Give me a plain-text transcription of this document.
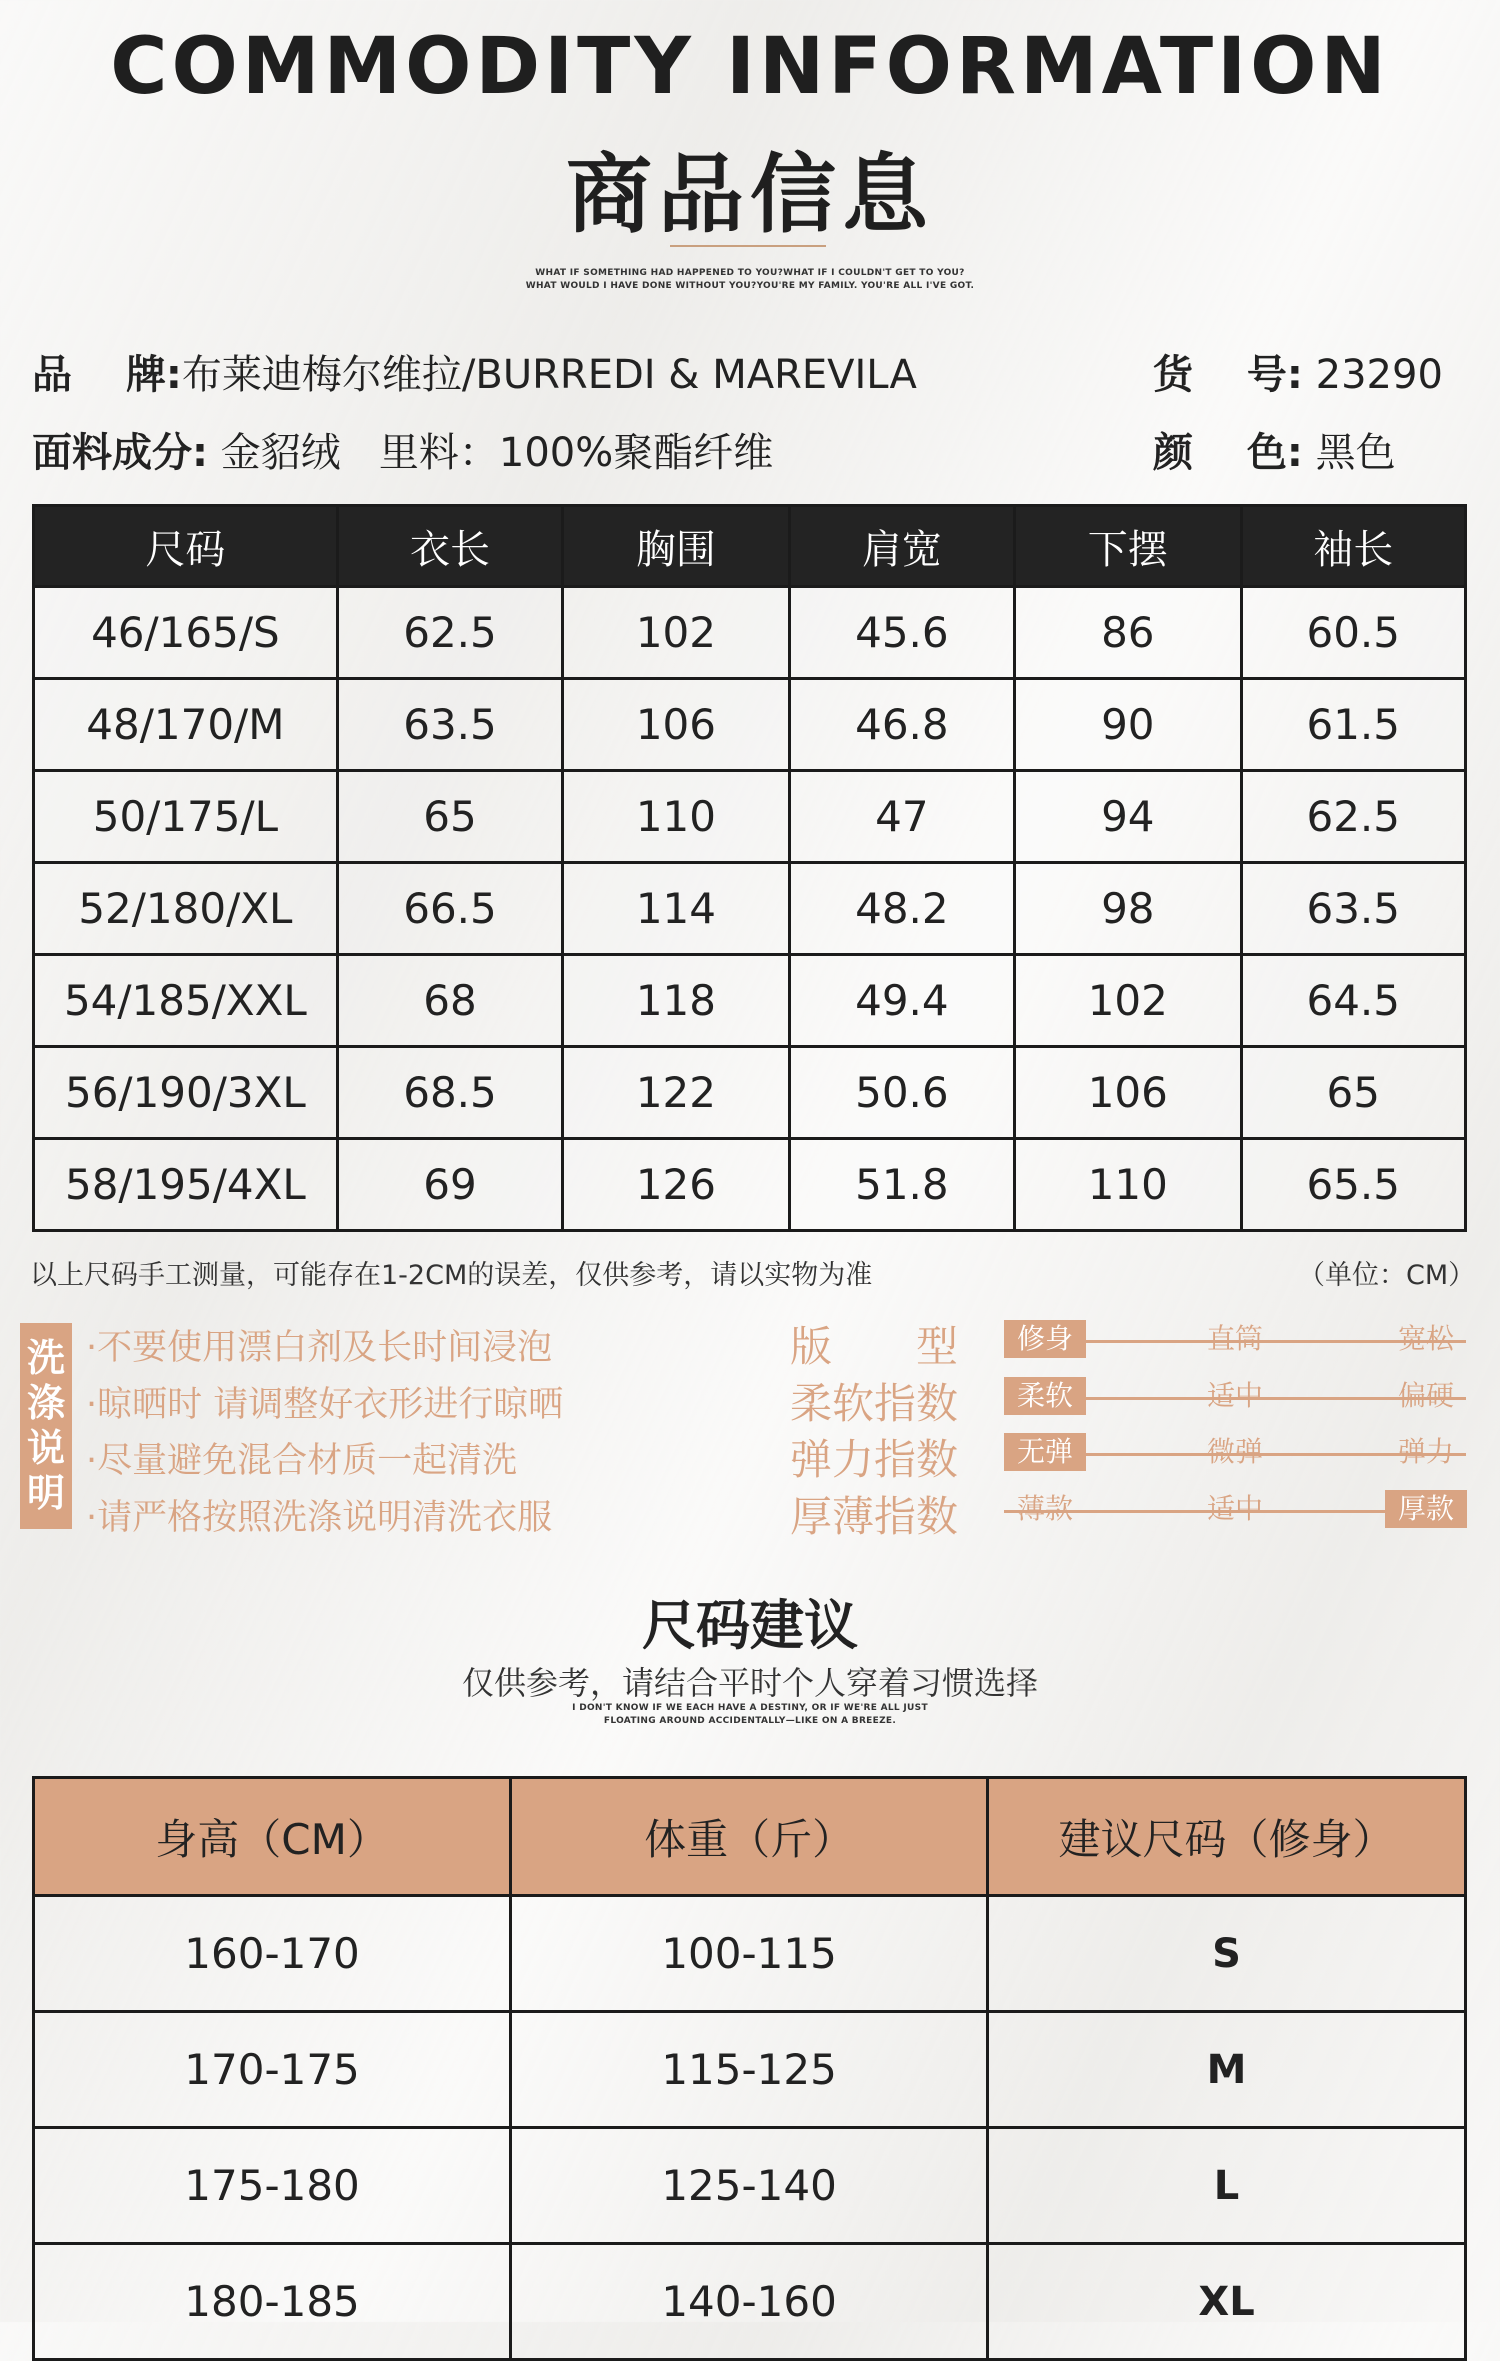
COMMODITY INFORMATION
商品信息
WHAT IF SOMETHING HAD HAPPENED TO YOU?WHAT IF I COULDN'T GET TO YOU?
WHAT WOULD I HAVE DONE WITHOUT YOU?YOU'RE MY FAMILY. YOU'RE ALL I'VE GOT.
品　 牌:布莱迪梅尔维拉/BURREDI & MAREVILA	货　 号: 23290
面料成分: 金貂绒 里料：100%聚酯纤维	颜　 色: 黑色
尺码	衣长	胸围	肩宽	下摆	袖长
46/165/S	62.5	102	45.6	86	60.5
48/170/M	63.5	106	46.8	90	61.5
50/175/L	65	110	47	94	62.5
52/180/XL	66.5	114	48.2	98	63.5
54/185/XXL	68	118	49.4	102	64.5
56/190/3XL	68.5	122	50.6	106	65
58/195/4XL	69	126	51.8	110	65.5
以上尺码手工测量，可能存在1-2CM的误差，仅供参考，请以实物为准	（单位：CM）
洗
涤
说
明
·不要使用漂白剂及长时间浸泡
·晾晒时 请调整好衣形进行晾晒
·尽量避免混合材质一起清洗
·请严格按照洗涤说明清洗衣服
版　　型	修身	直筒	宽松
柔软指数	柔软	适中	偏硬
弹力指数	无弹	微弹	弹力
厚薄指数	薄款	适中	厚款
尺码建议
仅供参考，请结合平时个人穿着习惯选择
I DON'T KNOW IF WE EACH HAVE A DESTINY, OR IF WE'RE ALL JUST
FLOATING AROUND ACCIDENTALLY—LIKE ON A BREEZE.
身高（CM）	体重（斤）	建议尺码（修身）
160-170	100-115	S
170-175	115-125	M
175-180	125-140	L
180-185	140-160	XL
